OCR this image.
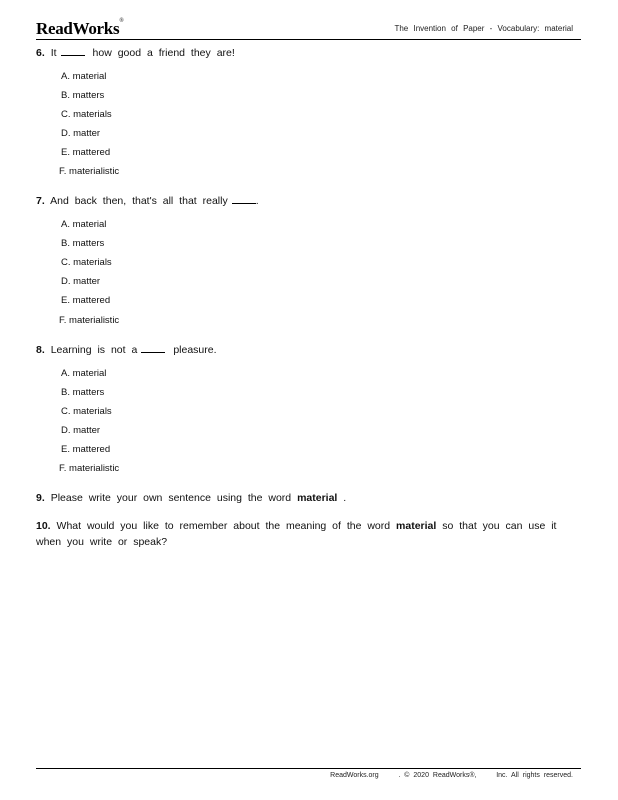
ReadWorks®
The Invention of Paper - Vocabulary: material
6. It	how good a friend they are!
A. material
B. matters
C. materials
D. matter
E. mattered
F. materialistic
7. And back then, that's all that really	.
A. material
B. matters
C. materials
D. matter
E. mattered
F. materialistic
8. Learning is not a	pleasure.
A. material
B. matters
C. materials
D. matter
E. mattered
F. materialistic
9. Please write your own sentence using the word material .
10. What would you like to remember about the meaning of the word material so that you can use it when you write or speak?
ReadWorks.org     . © 2020 ReadWorks®,	Inc. All rights reserved.
